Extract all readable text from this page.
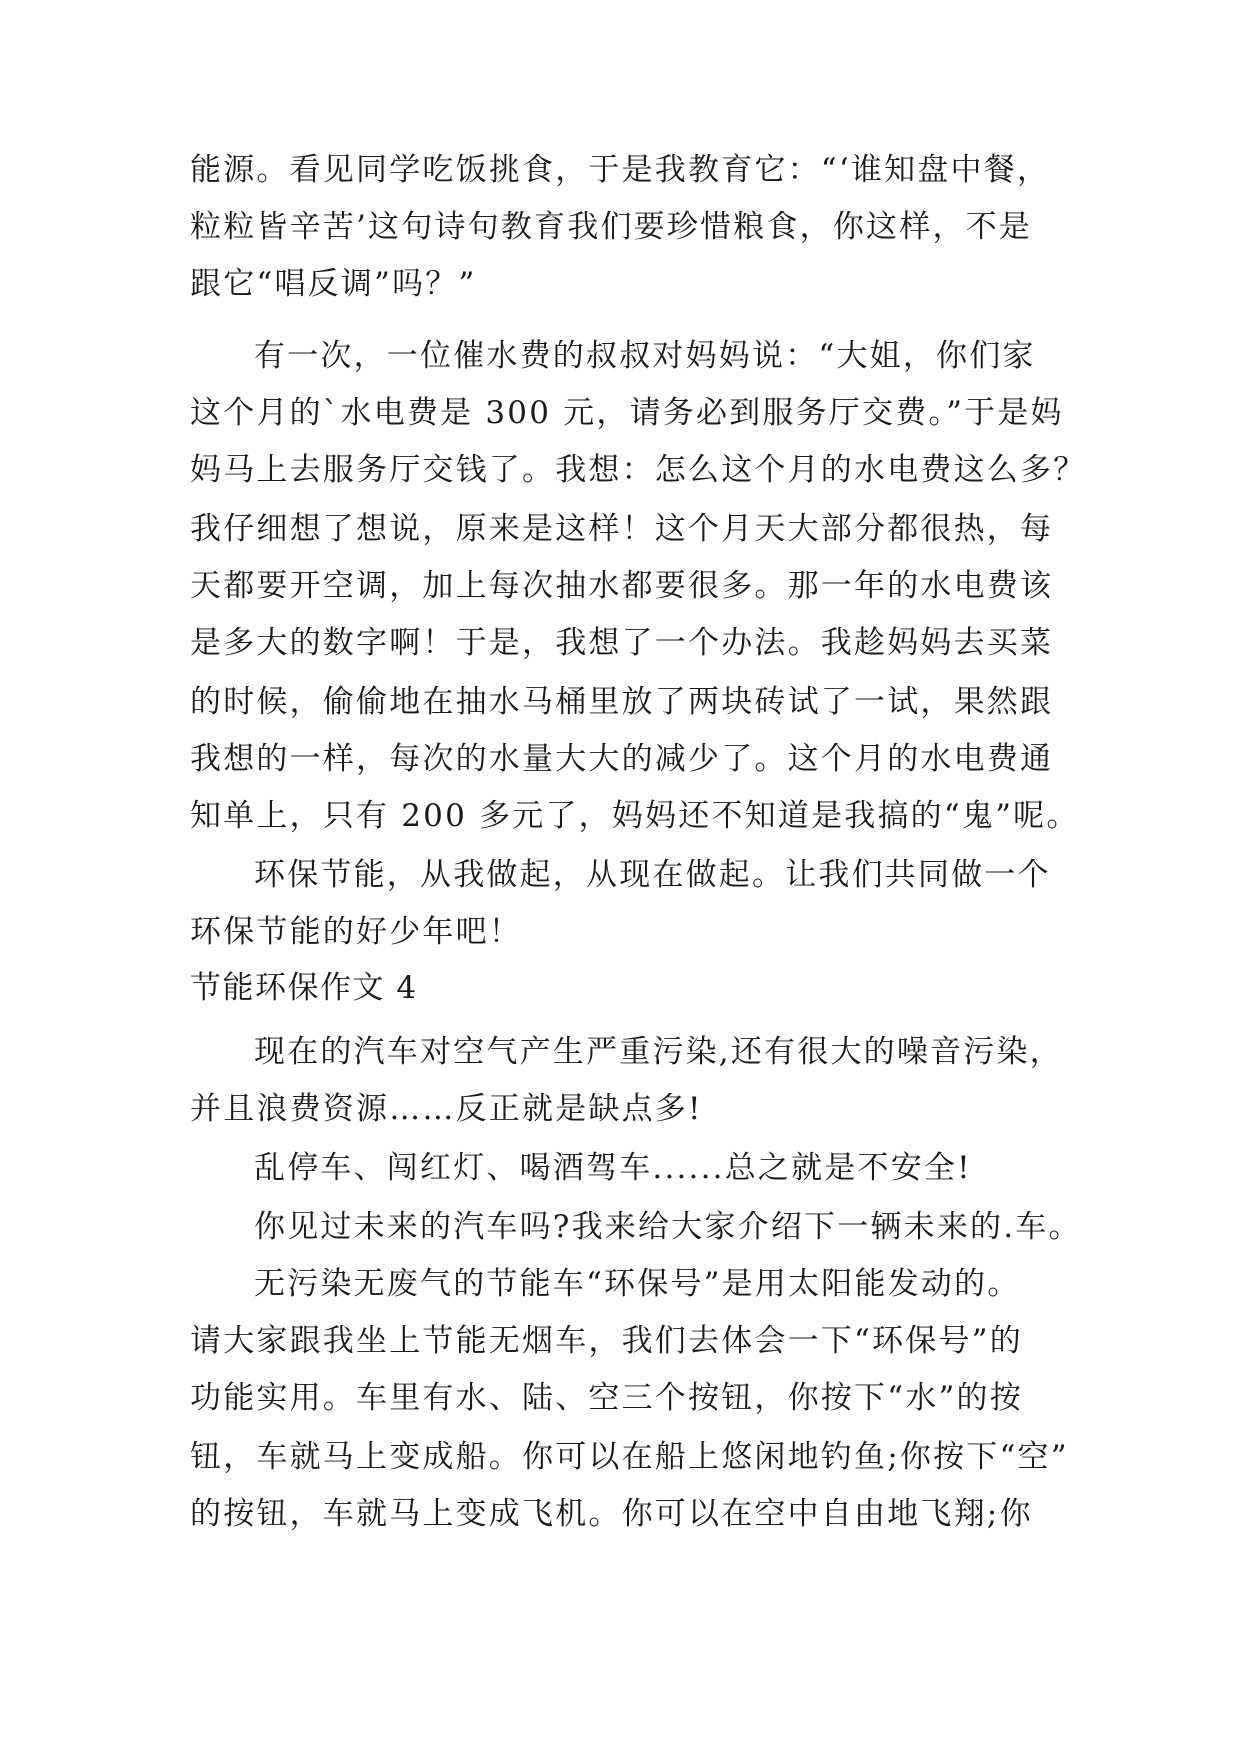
能源。看见同学吃饭挑食，于是我教育它：“‘谁知盘中餐，
粒粒皆辛苦’这句诗句教育我们要珍惜粮食，你这样，不是
跟它“唱反调”吗？”
有一次，一位催水费的叔叔对妈妈说：“大姐，你们家
这个月的`水电费是 300 元，请务必到服务厅交费。”于是妈
妈马上去服务厅交钱了。我想：怎么这个月的水电费这么多？
我仔细想了想说，原来是这样！这个月天大部分都很热，每
天都要开空调，加上每次抽水都要很多。那一年的水电费该
是多大的数字啊！于是，我想了一个办法。我趁妈妈去买菜
的时候，偷偷地在抽水马桶里放了两块砖试了一试，果然跟
我想的一样，每次的水量大大的减少了。这个月的水电费通
知单上，只有 200 多元了，妈妈还不知道是我搞的“鬼”呢。
环保节能，从我做起，从现在做起。让我们共同做一个
环保节能的好少年吧！
节能环保作文 4
现在的汽车对空气产生严重污染,还有很大的噪音污染，
并且浪费资源……反正就是缺点多!
乱停车、闯红灯、喝酒驾车......总之就是不安全!
你见过未来的汽车吗?我来给大家介绍下一辆未来的.车。
无污染无废气的节能车“环保号”是用太阳能发动的。
请大家跟我坐上节能无烟车，我们去体会一下“环保号”的
功能实用。车里有水、陆、空三个按钮，你按下“水”的按
钮，车就马上变成船。你可以在船上悠闲地钓鱼;你按下“空”
的按钮，车就马上变成飞机。你可以在空中自由地飞翔;你
